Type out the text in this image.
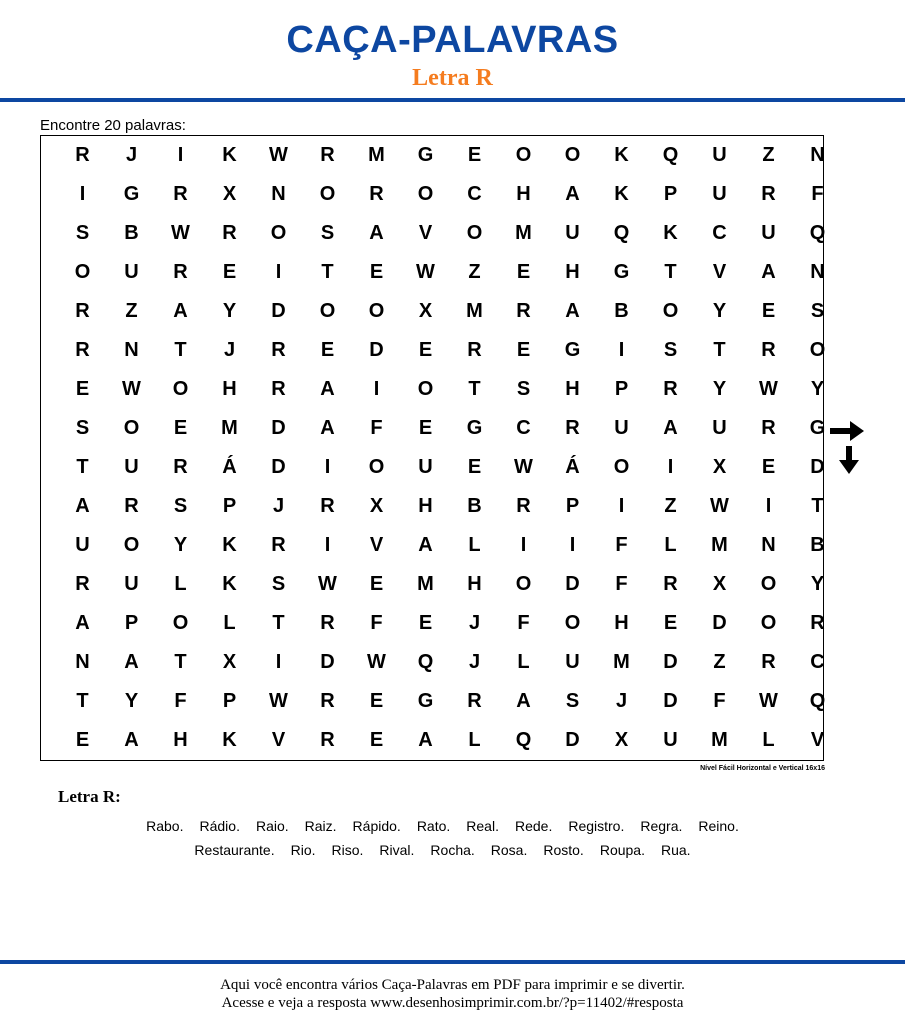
CAÇA-PALAVRAS
Letra R
Encontre 20 palavras:
R	J	I	K	W	R	M	G	E	O	O	K	Q	U	Z	N
I	G	R	X	N	O	R	O	C	H	A	K	P	U	R	F
S	B	W	R	O	S	A	V	O	M	U	Q	K	C	U	Q
O	U	R	E	I	T	E	W	Z	E	H	G	T	V	A	N
R	Z	A	Y	D	O	O	X	M	R	A	B	O	Y	E	S
R	N	T	J	R	E	D	E	R	E	G	I	S	T	R	O
E	W	O	H	R	A	I	O	T	S	H	P	R	Y	W	Y
S	O	E	M	D	A	F	E	G	C	R	U	A	U	R	G
T	U	R	Á	D	I	O	U	E	W	Á	O	I	X	E	D
A	R	S	P	J	R	X	H	B	R	P	I	Z	W	I	T
U	O	Y	K	R	I	V	A	L	I	I	F	L	M	N	B
R	U	L	K	S	W	E	M	H	O	D	F	R	X	O	Y
A	P	O	L	T	R	F	E	J	F	O	H	E	D	O	R
N	A	T	X	I	D	W	Q	J	L	U	M	D	Z	R	C
T	Y	F	P	W	R	E	G	R	A	S	J	D	F	W	Q
E	A	H	K	V	R	E	A	L	Q	D	X	U	M	L	V
Nível Fácil Horizontal e Vertical 16x16
Letra R:
Rabo. Rádio. Raio. Raiz. Rápido. Rato. Real. Rede. Registro. Regra. Reino.
Restaurante. Rio. Riso. Rival. Rocha. Rosa. Rosto. Roupa. Rua.
Aqui você encontra vários Caça-Palavras em PDF para imprimir e se divertir.
Acesse e veja a resposta www.desenhosimprimir.com.br/?p=11402/#resposta
